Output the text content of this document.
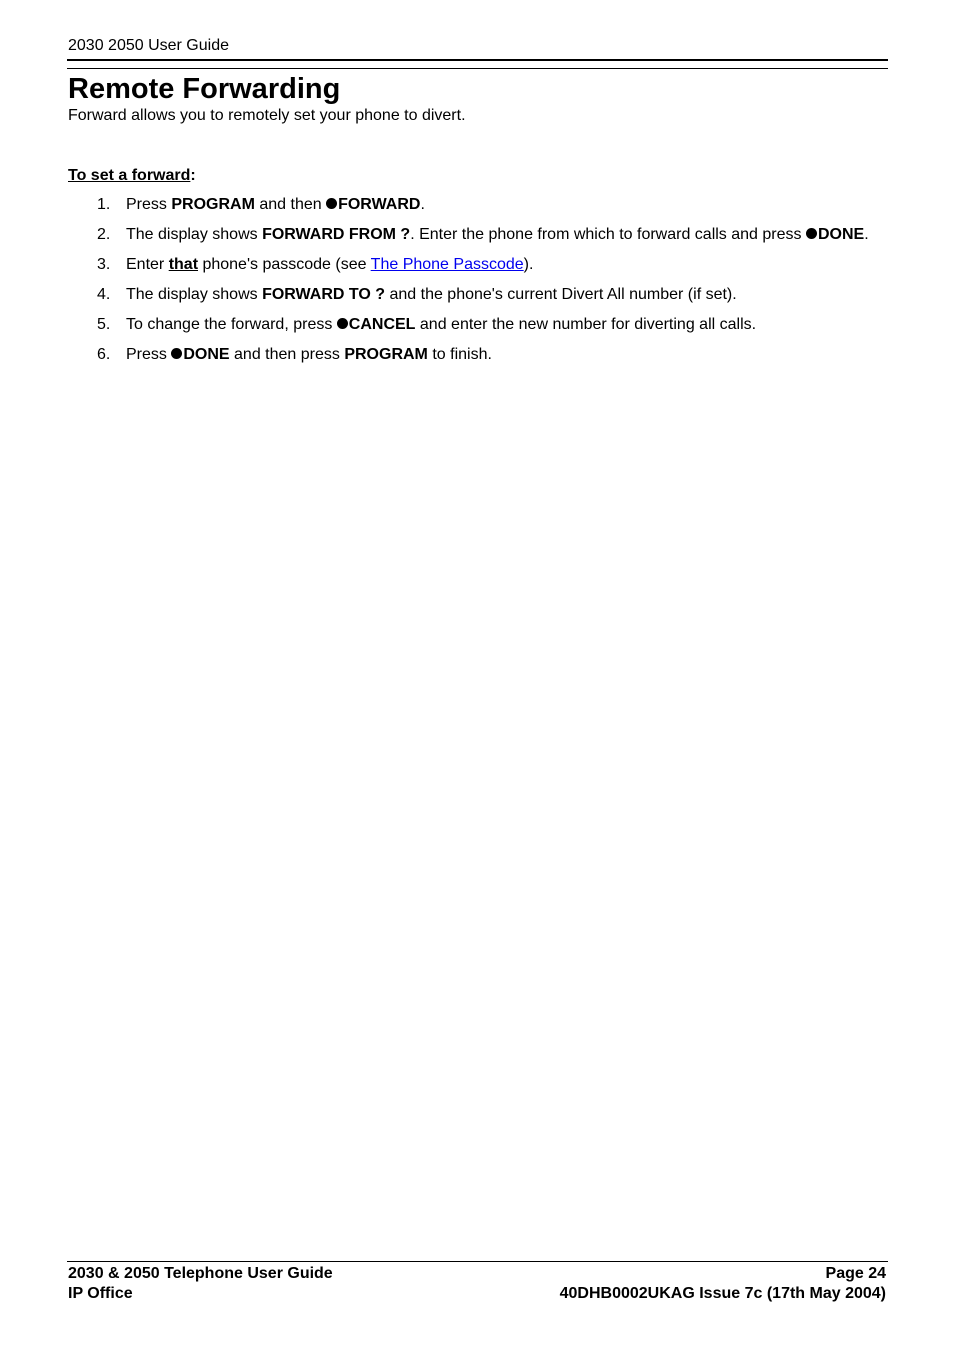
2030 2050 User Guide
Remote Forwarding

Forward allows you to remotely set your phone to divert.

To set a forward:

1. Press PROGRAM and then FORWARD.
2. The display shows FORWARD FROM ?. Enter the phone from which to forward calls and press DONE.
3. Enter that phone's passcode (see The Phone Passcode).
4. The display shows FORWARD TO ? and the phone's current Divert All number (if set).
5. To change the forward, press CANCEL and enter the new number for diverting all calls.
6. Press DONE and then press PROGRAM to finish.
2030 & 2050 Telephone User Guide	Page 24
IP Office	40DHB0002UKAG Issue 7c (17th May 2004)
